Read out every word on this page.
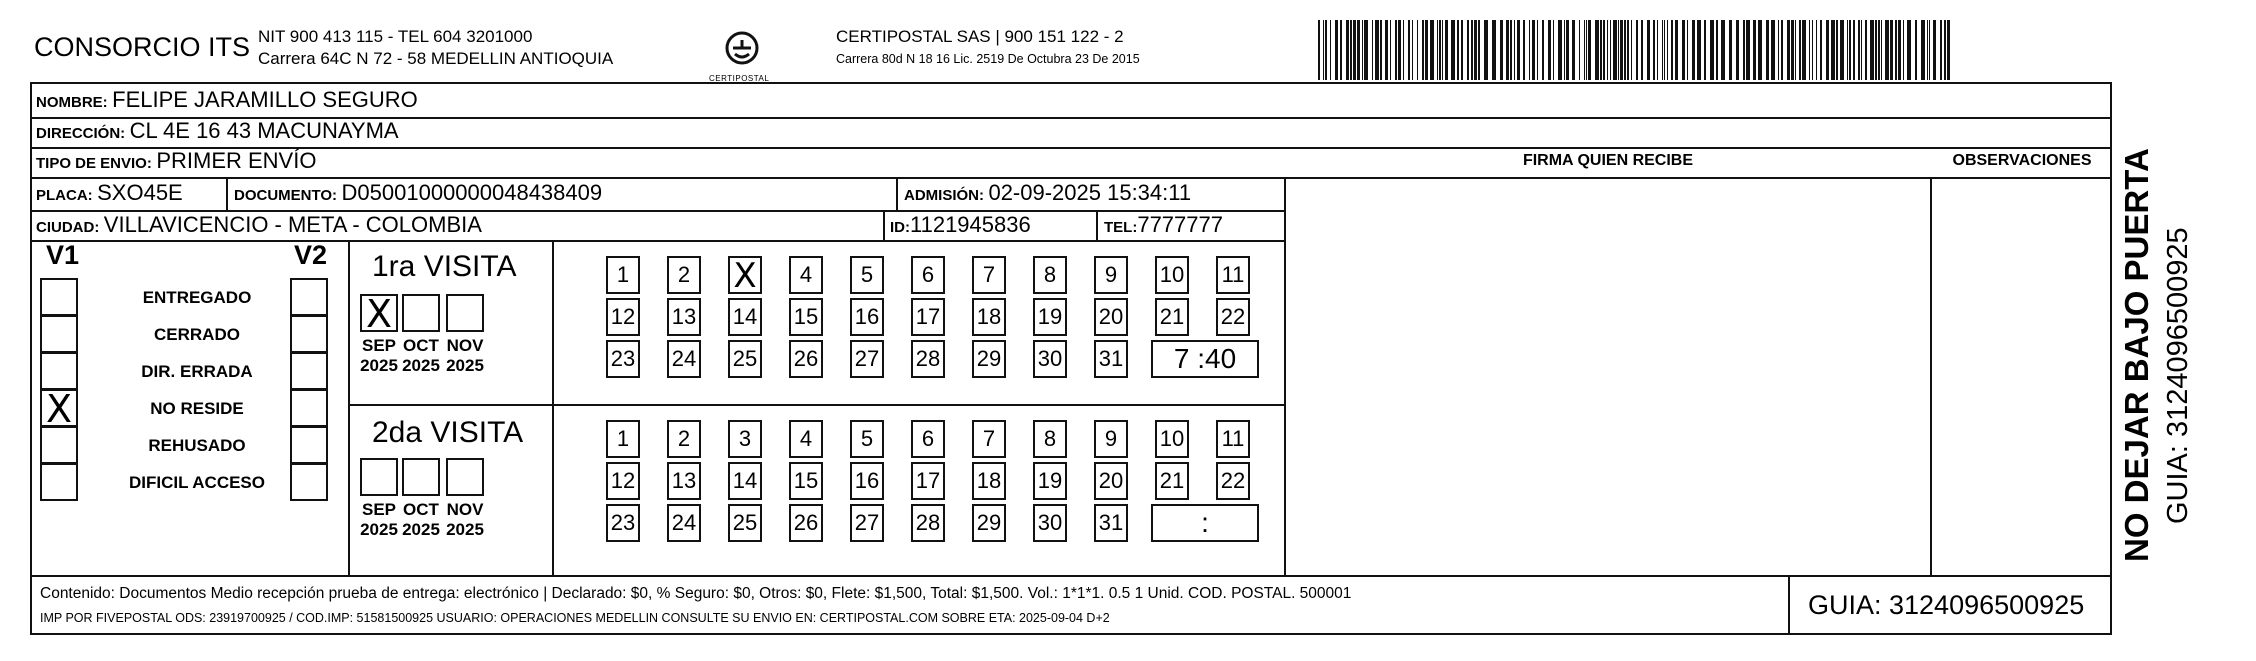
CONSORCIO ITS NIT 900 413 115 - TEL 604 3201000
Carrera 64C N 72 - 58 MEDELLIN ANTIOQUIA
CERTIPOSTAL
CERTIPOSTAL SAS | 900 151 122 - 2
Carrera 80d N 18 16 Lic. 2519 De Octubra 23 De 2015
FIRMA QUIEN RECIBE	OBSERVACIONES
NOMBRE: FELIPE JARAMILLO SEGURO
DIRECCIÓN: CL 4E 16 43 MACUNAYMA
TIPO DE ENVIO: PRIMER ENVÍO
PLACA: SXO45E	DOCUMENTO: D05001000000048438409	ADMISIÓN: 02-09-2025 15:34:11
CIUDAD: VILLAVICENCIO - META - COLOMBIA	ID:1121945836	TEL:7777777
V1	V2
ENTREGADO
CERRADO
DIR. ERRADA
X	NO RESIDE
REHUSADO
DIFICIL ACCESO
1ra VISITA
X
SEP
2025
OCT
2025
NOV
2025
1	2	X	4	5	6	7	8	9	10 11
12 13 14 15 16 17 18 19 20 21 22
23 24 25 26 27 28 29 30 31	7 :40
2da VISITA
SEP
2025
OCT
2025
NOV
2025
1	2	3	4	5	6	7	8	9	10 11
12 13 14 15 16 17 18 19 20 21 22
23 24 25 26 27 28 29 30 31	:
GUIA: 3124096500925
Contenido: Documentos Medio recepción prueba de entrega: electrónico | Declarado: $0, % Seguro: $0, Otros: $0, Flete: $1,500, Total: $1,500. Vol.: 1*1*1. 0.5 1 Unid. COD. POSTAL. 500001
IMP POR FIVEPOSTAL ODS: 23919700925 / COD.IMP: 51581500925 USUARIO: OPERACIONES MEDELLIN CONSULTE SU ENVIO EN: CERTIPOSTAL.COM SOBRE ETA: 2025-09-04 D+2
NO DEJAR BAJO PUERTA GUIA: 3124096500925
